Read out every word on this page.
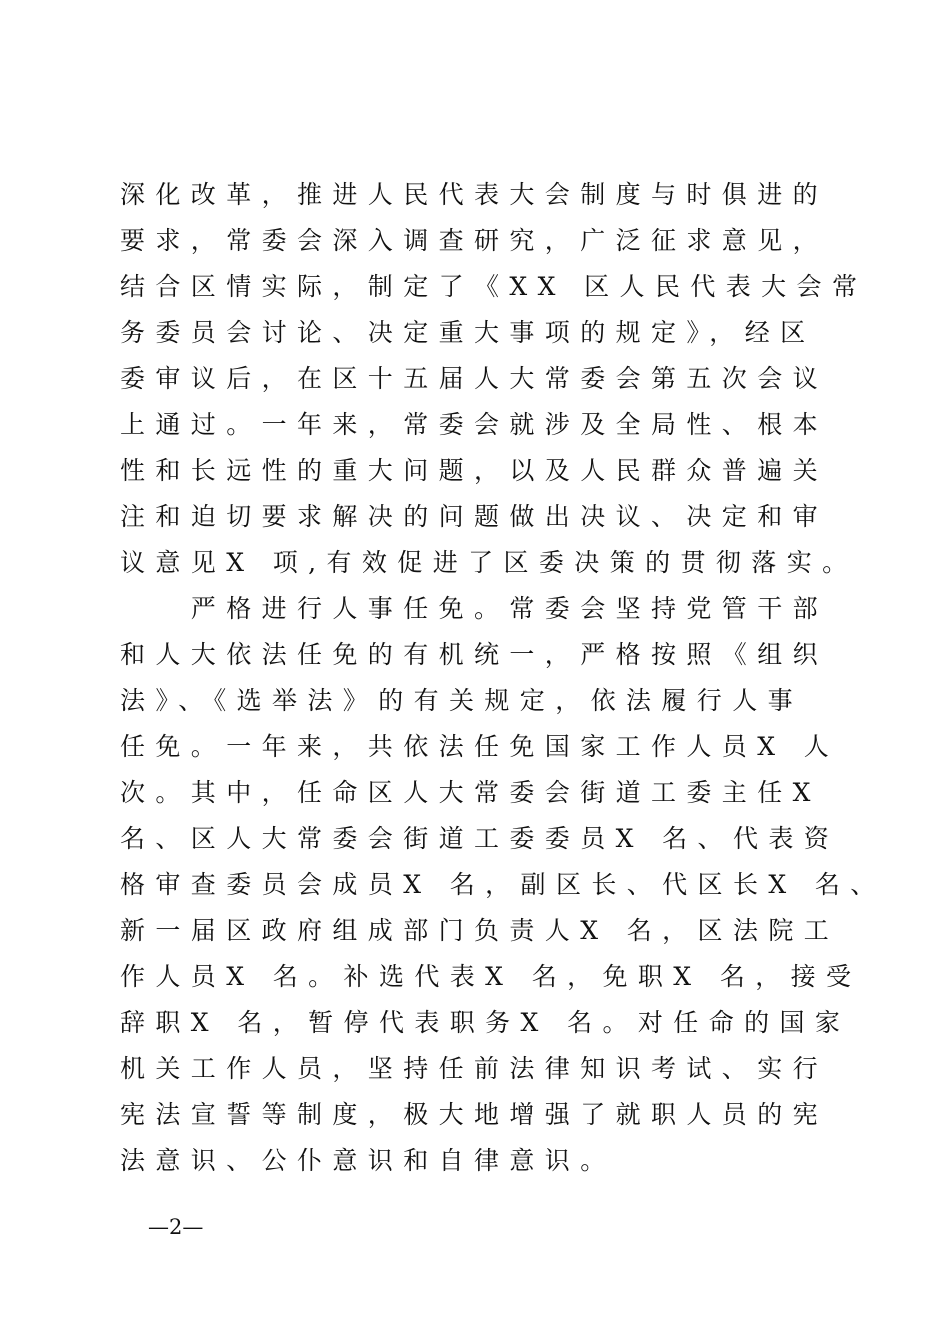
深化改革，推进人民代表大会制度与时俱进的
要求，常委会深入调查研究，广泛征求意见，
结合区情实际，制定了《XX 区人民代表大会常
务委员会讨论、决定重大事项的规定》，经区
委审议后，在区十五届人大常委会第五次会议
上通过。一年来，常委会就涉及全局性、根本
性和长远性的重大问题，以及人民群众普遍关
注和迫切要求解决的问题做出决议、决定和审
议意见X 项,有效促进了区委决策的贯彻落实。
　　严格进行人事任免。常委会坚持党管干部
和人大依法任免的有机统一，严格按照《组织
法》、《选举法》的有关规定，依法履行人事
任免。一年来，共依法任免国家工作人员X 人
次。其中，任命区人大常委会街道工委主任X
名、区人大常委会街道工委委员X 名、代表资
格审查委员会成员X 名，副区长、代区长X 名、
新一届区政府组成部门负责人X 名，区法院工
作人员X 名。补选代表X 名，免职X 名，接受
辞职X 名，暂停代表职务X 名。对任命的国家
机关工作人员，坚持任前法律知识考试、实行
宪法宣誓等制度，极大地增强了就职人员的宪
法意识、公仆意识和自律意识。
—2—
